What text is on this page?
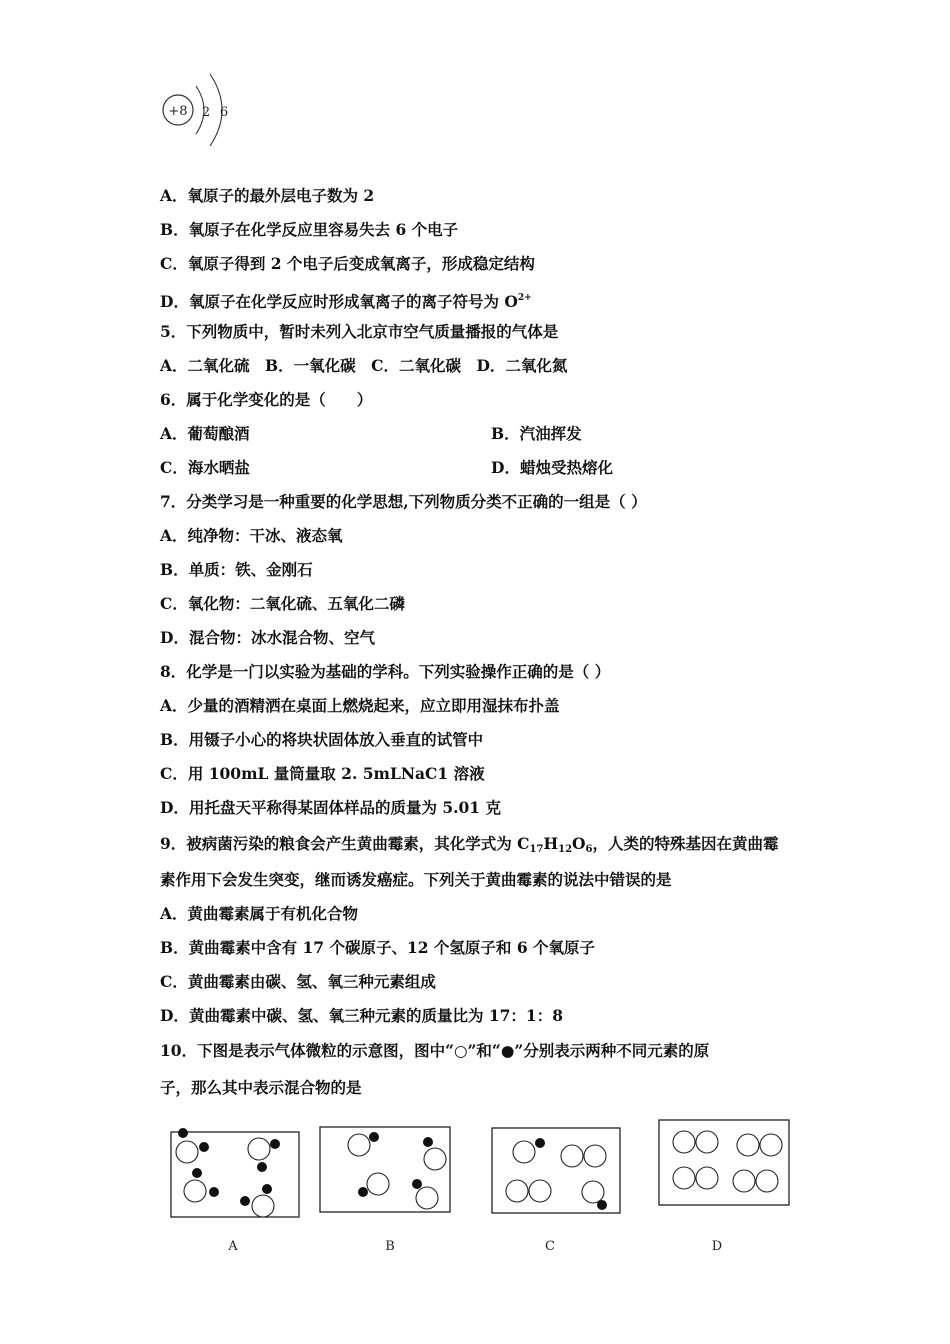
+8 2 6
A．氧原子的最外层电子数为 2
B．氧原子在化学反应里容易失去 6 个电子
C．氧原子得到 2 个电子后变成氧离子，形成稳定结构
D．氧原子在化学反应时形成氧离子的离子符号为 $O^{2+}$
5．下列物质中，暂时未列入北京市空气质量播报的气体是
A．二氧化硫　B．一氧化碳　C．二氧化碳　D．二氧化氮
6．属于化学变化的是（　　）
A．葡萄酿酒	B．汽油挥发
C．海水晒盐	D．蜡烛受热熔化
7．分类学习是一种重要的化学思想,下列物质分类不正确的一组是（ ）
A．纯净物：干冰、液态氧
B．单质：铁、金刚石
C．氧化物：二氧化硫、五氧化二磷
D．混合物：冰水混合物、空气
8．化学是一门以实验为基础的学科。下列实验操作正确的是（ ）
A．少量的酒精洒在桌面上燃烧起来，应立即用湿抹布扑盖
B．用镊子小心的将块状固体放入垂直的试管中
C．用 100mL 量筒量取 2. 5mLNaC1 溶液
D．用托盘天平称得某固体样品的质量为 5.01 克
9．被病菌污染的粮食会产生黄曲霉素，其化学式为 $C_{17}H_{12}O_6$，人类的特殊基因在黄曲霉
素作用下会发生突变，继而诱发癌症。下列关于黄曲霉素的说法中错误的是
A．黄曲霉素属于有机化合物
B．黄曲霉素中含有 17 个碳原子、12 个氢原子和 6 个氧原子
C．黄曲霉素由碳、氢、氧三种元素组成
D．黄曲霉素中碳、氢、氧三种元素的质量比为 17：1：8
10．下图是表示气体微粒的示意图，图中“○”和“●”分别表示两种不同元素的原
子，那么其中表示混合物的是
A	B	C	D
